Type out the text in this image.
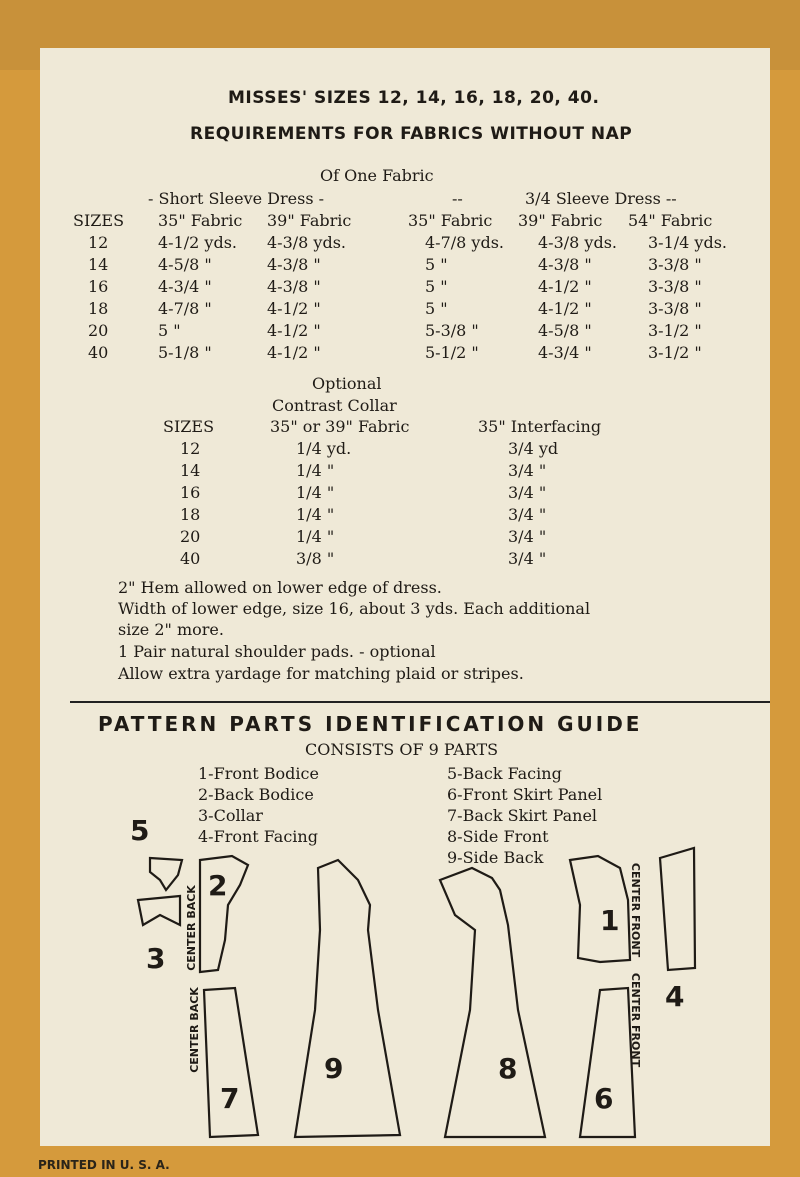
MISSES' SIZES 12, 14, 16, 18, 20, 40.
REQUIREMENTS FOR FABRICS WITHOUT NAP
Of One Fabric
- Short Sleeve Dress -	--	3/4 Sleeve Dress --
SIZES 35" Fabric 39" Fabric	35" Fabric 39" Fabric 54" Fabric
12	4-1/2 yds. 4-3/8 yds.	4-7/8 yds. 4-3/8 yds. 3-1/4 yds.
14	4-5/8 "	4-3/8 "	5 "	4-3/8 "	3-3/8 "
16	4-3/4 "	4-3/8 "	5 "	4-1/2 "	3-3/8 "
18	4-7/8 "	4-1/2 "	5 "	4-1/2 "	3-3/8 "
20	5 "	4-1/2 "	5-3/8 "	4-5/8 "	3-1/2 "
40	5-1/8 "	4-1/2 "	5-1/2 "	4-3/4 "	3-1/2 "
Optional
Contrast Collar
SIZES	35" or 39" Fabric	35" Interfacing
12	1/4 yd.	3/4 yd
14	1/4 "	3/4 "
16	1/4 "	3/4 "
18	1/4 "	3/4 "
20	1/4 "	3/4 "
40	3/8 "	3/4 "
2" Hem allowed on lower edge of dress.
Width of lower edge, size 16, about 3 yds. Each additional
size 2" more.
1 Pair natural shoulder pads. - optional
Allow extra yardage for matching plaid or stripes.
PATTERN PARTS IDENTIFICATION GUIDE
CONSISTS OF 9 PARTS
1-Front Bodice
2-Back Bodice
3-Collar
4-Front Facing
5-Back Facing
6-Front Skirt Panel
7-Back Skirt Panel
8-Side Front
9-Side Back
1
2
3
4
5
6
7
8
9
CENTER BACK
CENTER BACK
CENTER FRONT
CENTER FRONT
PRINTED IN U. S. A.
